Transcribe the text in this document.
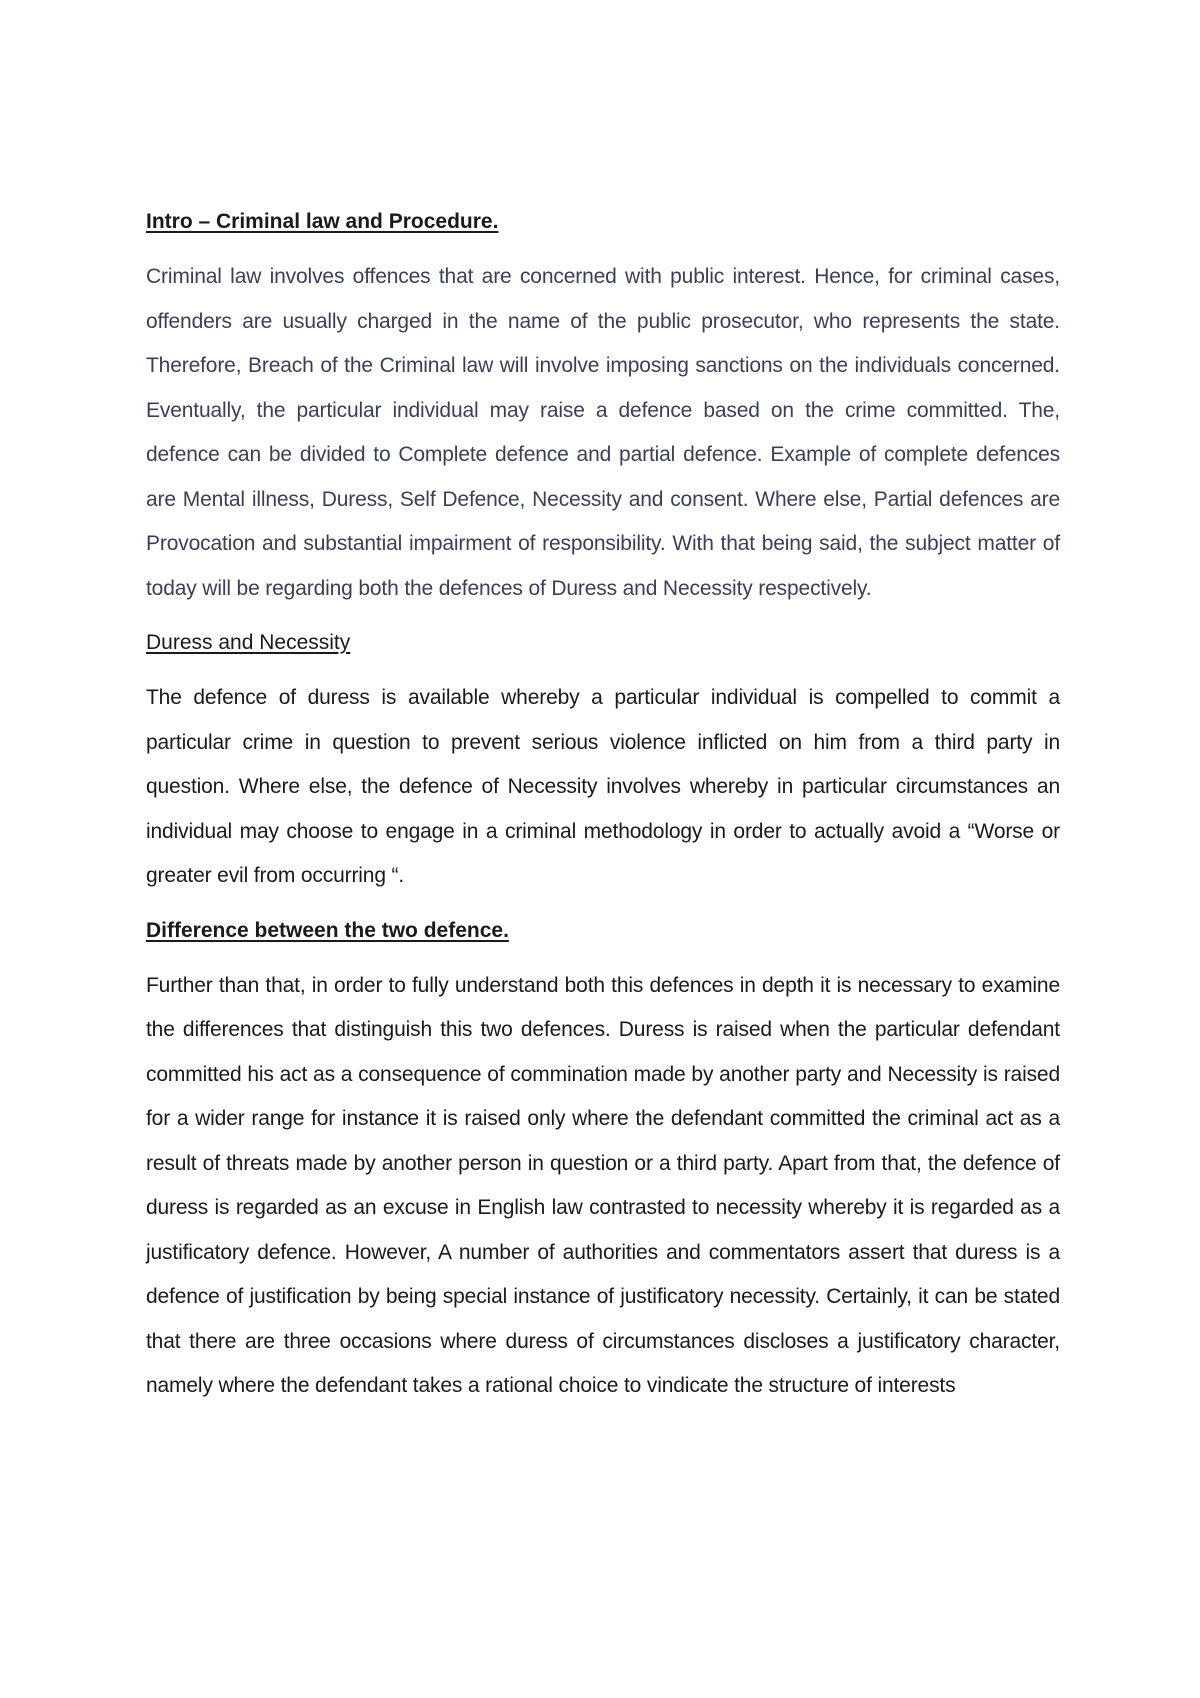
Intro – Criminal law and Procedure.

Criminal law involves offences that are concerned with public interest. Hence, for criminal cases, offenders are usually charged in the name of the public prosecutor, who represents the state. Therefore, Breach of the Criminal law will involve imposing sanctions on the individuals concerned. Eventually, the particular individual may raise a defence based on the crime committed. The, defence can be divided to Complete defence and partial defence. Example of complete defences are Mental illness, Duress, Self Defence, Necessity and consent. Where else, Partial defences are Provocation and substantial impairment of responsibility. With that being said, the subject matter of today will be regarding both the defences of Duress and Necessity respectively.

Duress and Necessity

The defence of duress is available whereby a particular individual is compelled to commit a particular crime in question to prevent serious violence inflicted on him from a third party in question. Where else, the defence of Necessity involves whereby in particular circumstances an individual may choose to engage in a criminal methodology in order to actually avoid a “Worse or greater evil from occurring “.

Difference between the two defence.

Further than that, in order to fully understand both this defences in depth it is necessary to examine the differences that distinguish this two defences. Duress is raised when the particular defendant committed his act as a consequence of commination made by another party and Necessity is raised for a wider range for instance it is raised only where the defendant committed the criminal act as a result of threats made by another person in question or a third party. Apart from that, the defence of duress is regarded as an excuse in English law contrasted to necessity whereby it is regarded as a justificatory defence. However, A number of authorities and commentators assert that duress is a defence of justification by being special instance of justificatory necessity. Certainly, it can be stated that there are three occasions where duress of circumstances discloses a justificatory character, namely where the defendant takes a rational choice to vindicate the structure of interests
